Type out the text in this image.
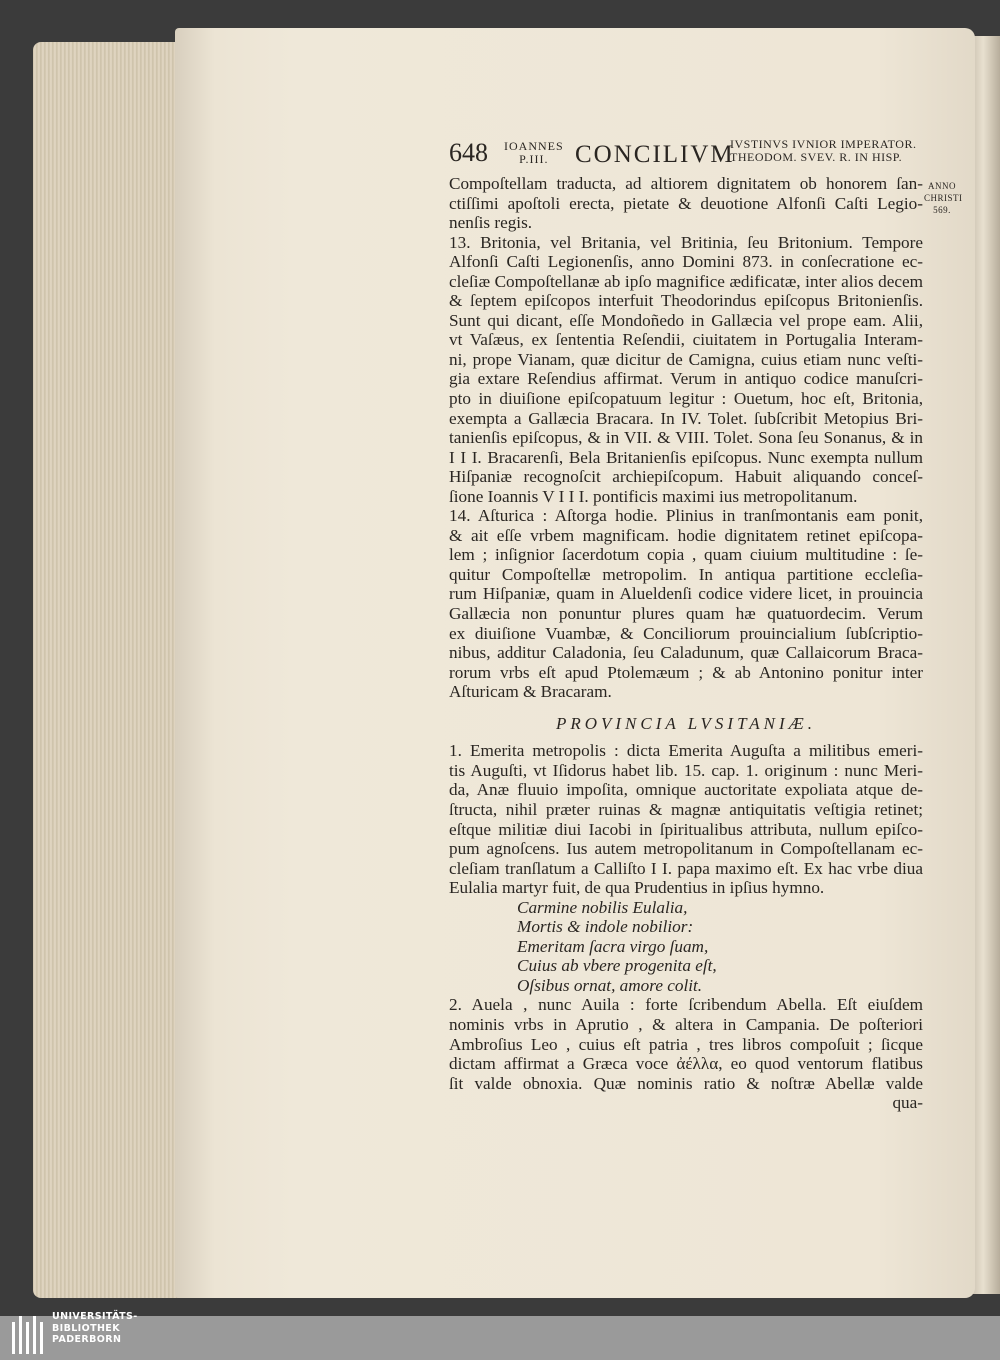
648 IOANNES
P.III.	CONCILIVM
IVSTINVS IVNIOR IMPERATOR.
THEODOM. SVEV. R. IN HISP.
Compoſtellam traducta, ad altiorem dignitatem ob honorem ſan-
ctiſſimi apoſtoli erecta, pietate & deuotione Alfonſi Caſti Legio-
nenſis regis.
13. Britonia, vel Britania, vel Britinia, ſeu Britonium. Tempore
Alfonſi Caſti Legionenſis, anno Domini 873. in conſecratione ec-
cleſiæ Compoſtellanæ ab ipſo magnifice ædificatæ, inter alios decem
& ſeptem epiſcopos interfuit Theodorindus epiſcopus Britonienſis.
Sunt qui dicant, eſſe Mondoñedo in Gallæcia vel prope eam. Alii,
vt Vaſæus, ex ſententia Reſendii, ciuitatem in Portugalia Interam-
ni, prope Vianam, quæ dicitur de Camigna, cuius etiam nunc veſti-
gia extare Reſendius affirmat. Verum in antiquo codice manuſcri-
pto in diuiſione epiſcopatuum legitur : Ouetum, hoc eſt, Britonia,
exempta a Gallæcia Bracara. In IV. Tolet. ſubſcribit Metopius Bri-
tanienſis epiſcopus, & in VII. & VIII. Tolet. Sona ſeu Sonanus, & in
I I I. Bracarenſi, Bela Britanienſis epiſcopus. Nunc exempta nullum
Hiſpaniæ recognoſcit archiepiſcopum. Habuit aliquando conceſ-
ſione Ioannis V I I I. pontificis maximi ius metropolitanum.
14. Aſturica : Aſtorga hodie. Plinius in tranſmontanis eam ponit,
& ait eſſe vrbem magnificam. hodie dignitatem retinet epiſcopa-
lem ; inſignior ſacerdotum copia , quam ciuium multitudine : ſe-
quitur Compoſtellæ metropolim. In antiqua partitione eccleſia-
rum Hiſpaniæ, quam in Alueldenſi codice videre licet, in prouincia
Gallæcia non ponuntur plures quam hæ quatuordecim. Verum
ex diuiſione Vuambæ, & Conciliorum prouincialium ſubſcriptio-
nibus, additur Caladonia, ſeu Caladunum, quæ Callaicorum Braca-
rorum vrbs eſt apud Ptolemæum ; & ab Antonino ponitur inter
Aſturicam & Bracaram.
PROVINCIA LVSITANIÆ.
1. Emerita metropolis : dicta Emerita Auguſta a militibus emeri-
tis Auguſti, vt Iſidorus habet lib. 15. cap. 1. originum : nunc Meri-
da, Anæ fluuio impoſita, omnique auctoritate expoliata atque de-
ſtructa, nihil præter ruinas & magnæ antiquitatis veſtigia retinet;
eſtque militiæ diui Iacobi in ſpiritualibus attributa, nullum epiſco-
pum agnoſcens. Ius autem metropolitanum in Compoſtellanam ec-
cleſiam tranſlatum a Calliſto I I. papa maximo eſt. Ex hac vrbe diua
Eulalia martyr fuit, de qua Prudentius in ipſius hymno.
Carmine nobilis Eulalia,
Mortis & indole nobilior:
Emeritam ſacra virgo ſuam,
Cuius ab vbere progenita eſt,
Oſsibus ornat, amore colit.
2. Auela , nunc Auila : forte ſcribendum Abella. Eſt eiuſdem
nominis vrbs in Aprutio , & altera in Campania. De poſteriori
Ambroſius Leo , cuius eſt patria , tres libros compoſuit ; ſicque
dictam affirmat a Græca voce ἀέλλα, eo quod ventorum flatibus
ſit valde obnoxia. Quæ nominis ratio & noſtræ Abellæ valde
qua-
ANNO
CHRISTI
569.
UNIVERSITÄTS-
BIBLIOTHEK
PADERBORN
